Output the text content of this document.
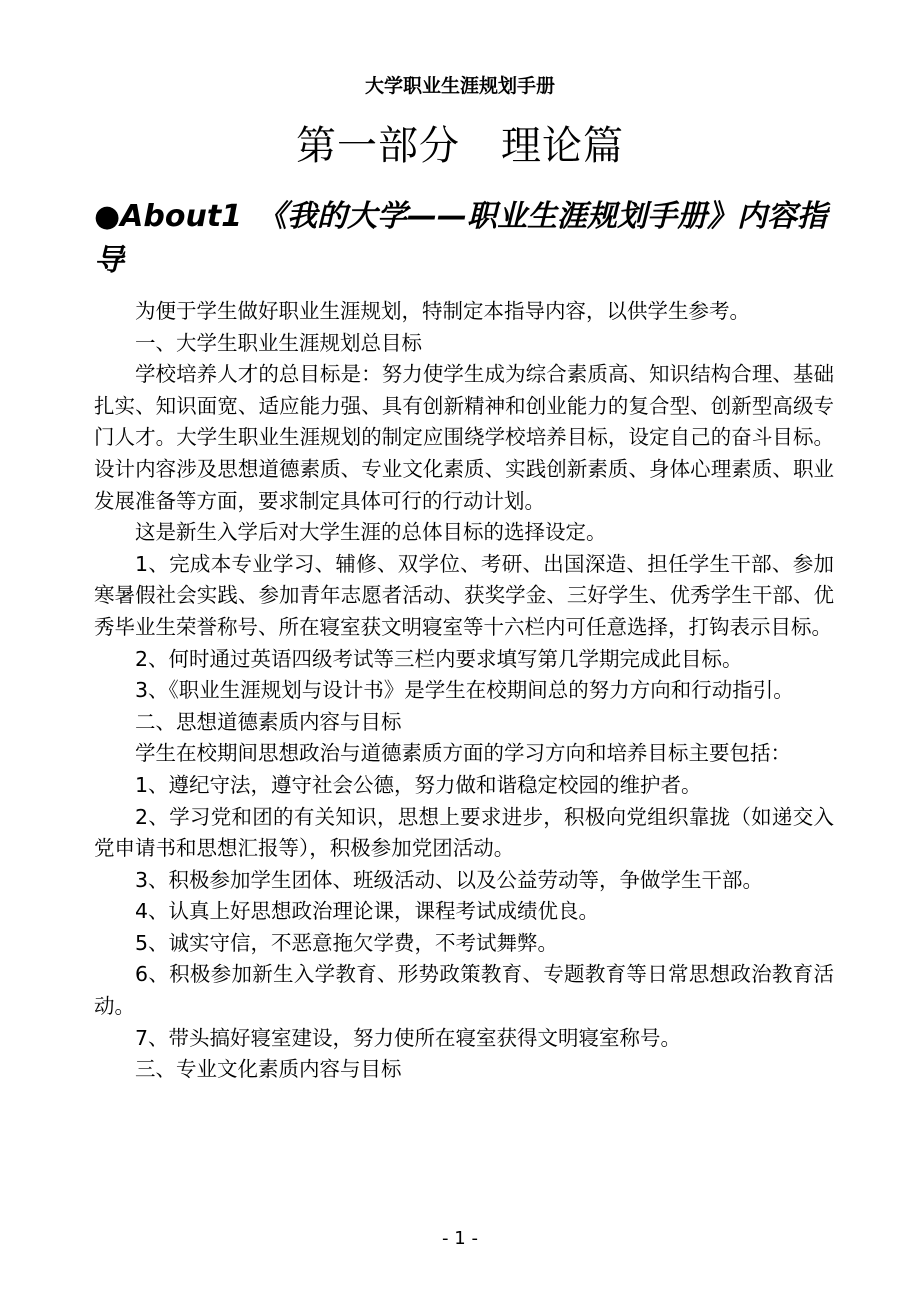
大学职业生涯规划手册
第一部分　理论篇
●About1　《我的大学——职业生涯规划手册》内容指导

为便于学生做好职业生涯规划，特制定本指导内容，以供学生参考。

一、大学生职业生涯规划总目标

学校培养人才的总目标是：努力使学生成为综合素质高、知识结构合理、基础扎实、知识面宽、适应能力强、具有创新精神和创业能力的复合型、创新型高级专门人才。大学生职业生涯规划的制定应围绕学校培养目标，设定自己的奋斗目标。设计内容涉及思想道德素质、专业文化素质、实践创新素质、身体心理素质、职业发展准备等方面，要求制定具体可行的行动计划。

这是新生入学后对大学生涯的总体目标的选择设定。

1、完成本专业学习、辅修、双学位、考研、出国深造、担任学生干部、参加寒暑假社会实践、参加青年志愿者活动、获奖学金、三好学生、优秀学生干部、优秀毕业生荣誉称号、所在寝室获文明寝室等十六栏内可任意选择，打钩表示目标。

2、何时通过英语四级考试等三栏内要求填写第几学期完成此目标。

3、《职业生涯规划与设计书》是学生在校期间总的努力方向和行动指引。

二、思想道德素质内容与目标

学生在校期间思想政治与道德素质方面的学习方向和培养目标主要包括：

1、遵纪守法，遵守社会公德，努力做和谐稳定校园的维护者。

2、学习党和团的有关知识，思想上要求进步，积极向党组织靠拢（如递交入党申请书和思想汇报等），积极参加党团活动。

3、积极参加学生团体、班级活动、以及公益劳动等，争做学生干部。

4、认真上好思想政治理论课，课程考试成绩优良。

5、诚实守信，不恶意拖欠学费，不考试舞弊。

6、积极参加新生入学教育、形势政策教育、专题教育等日常思想政治教育活动。

7、带头搞好寝室建设，努力使所在寝室获得文明寝室称号。

三、专业文化素质内容与目标

- 1 -
